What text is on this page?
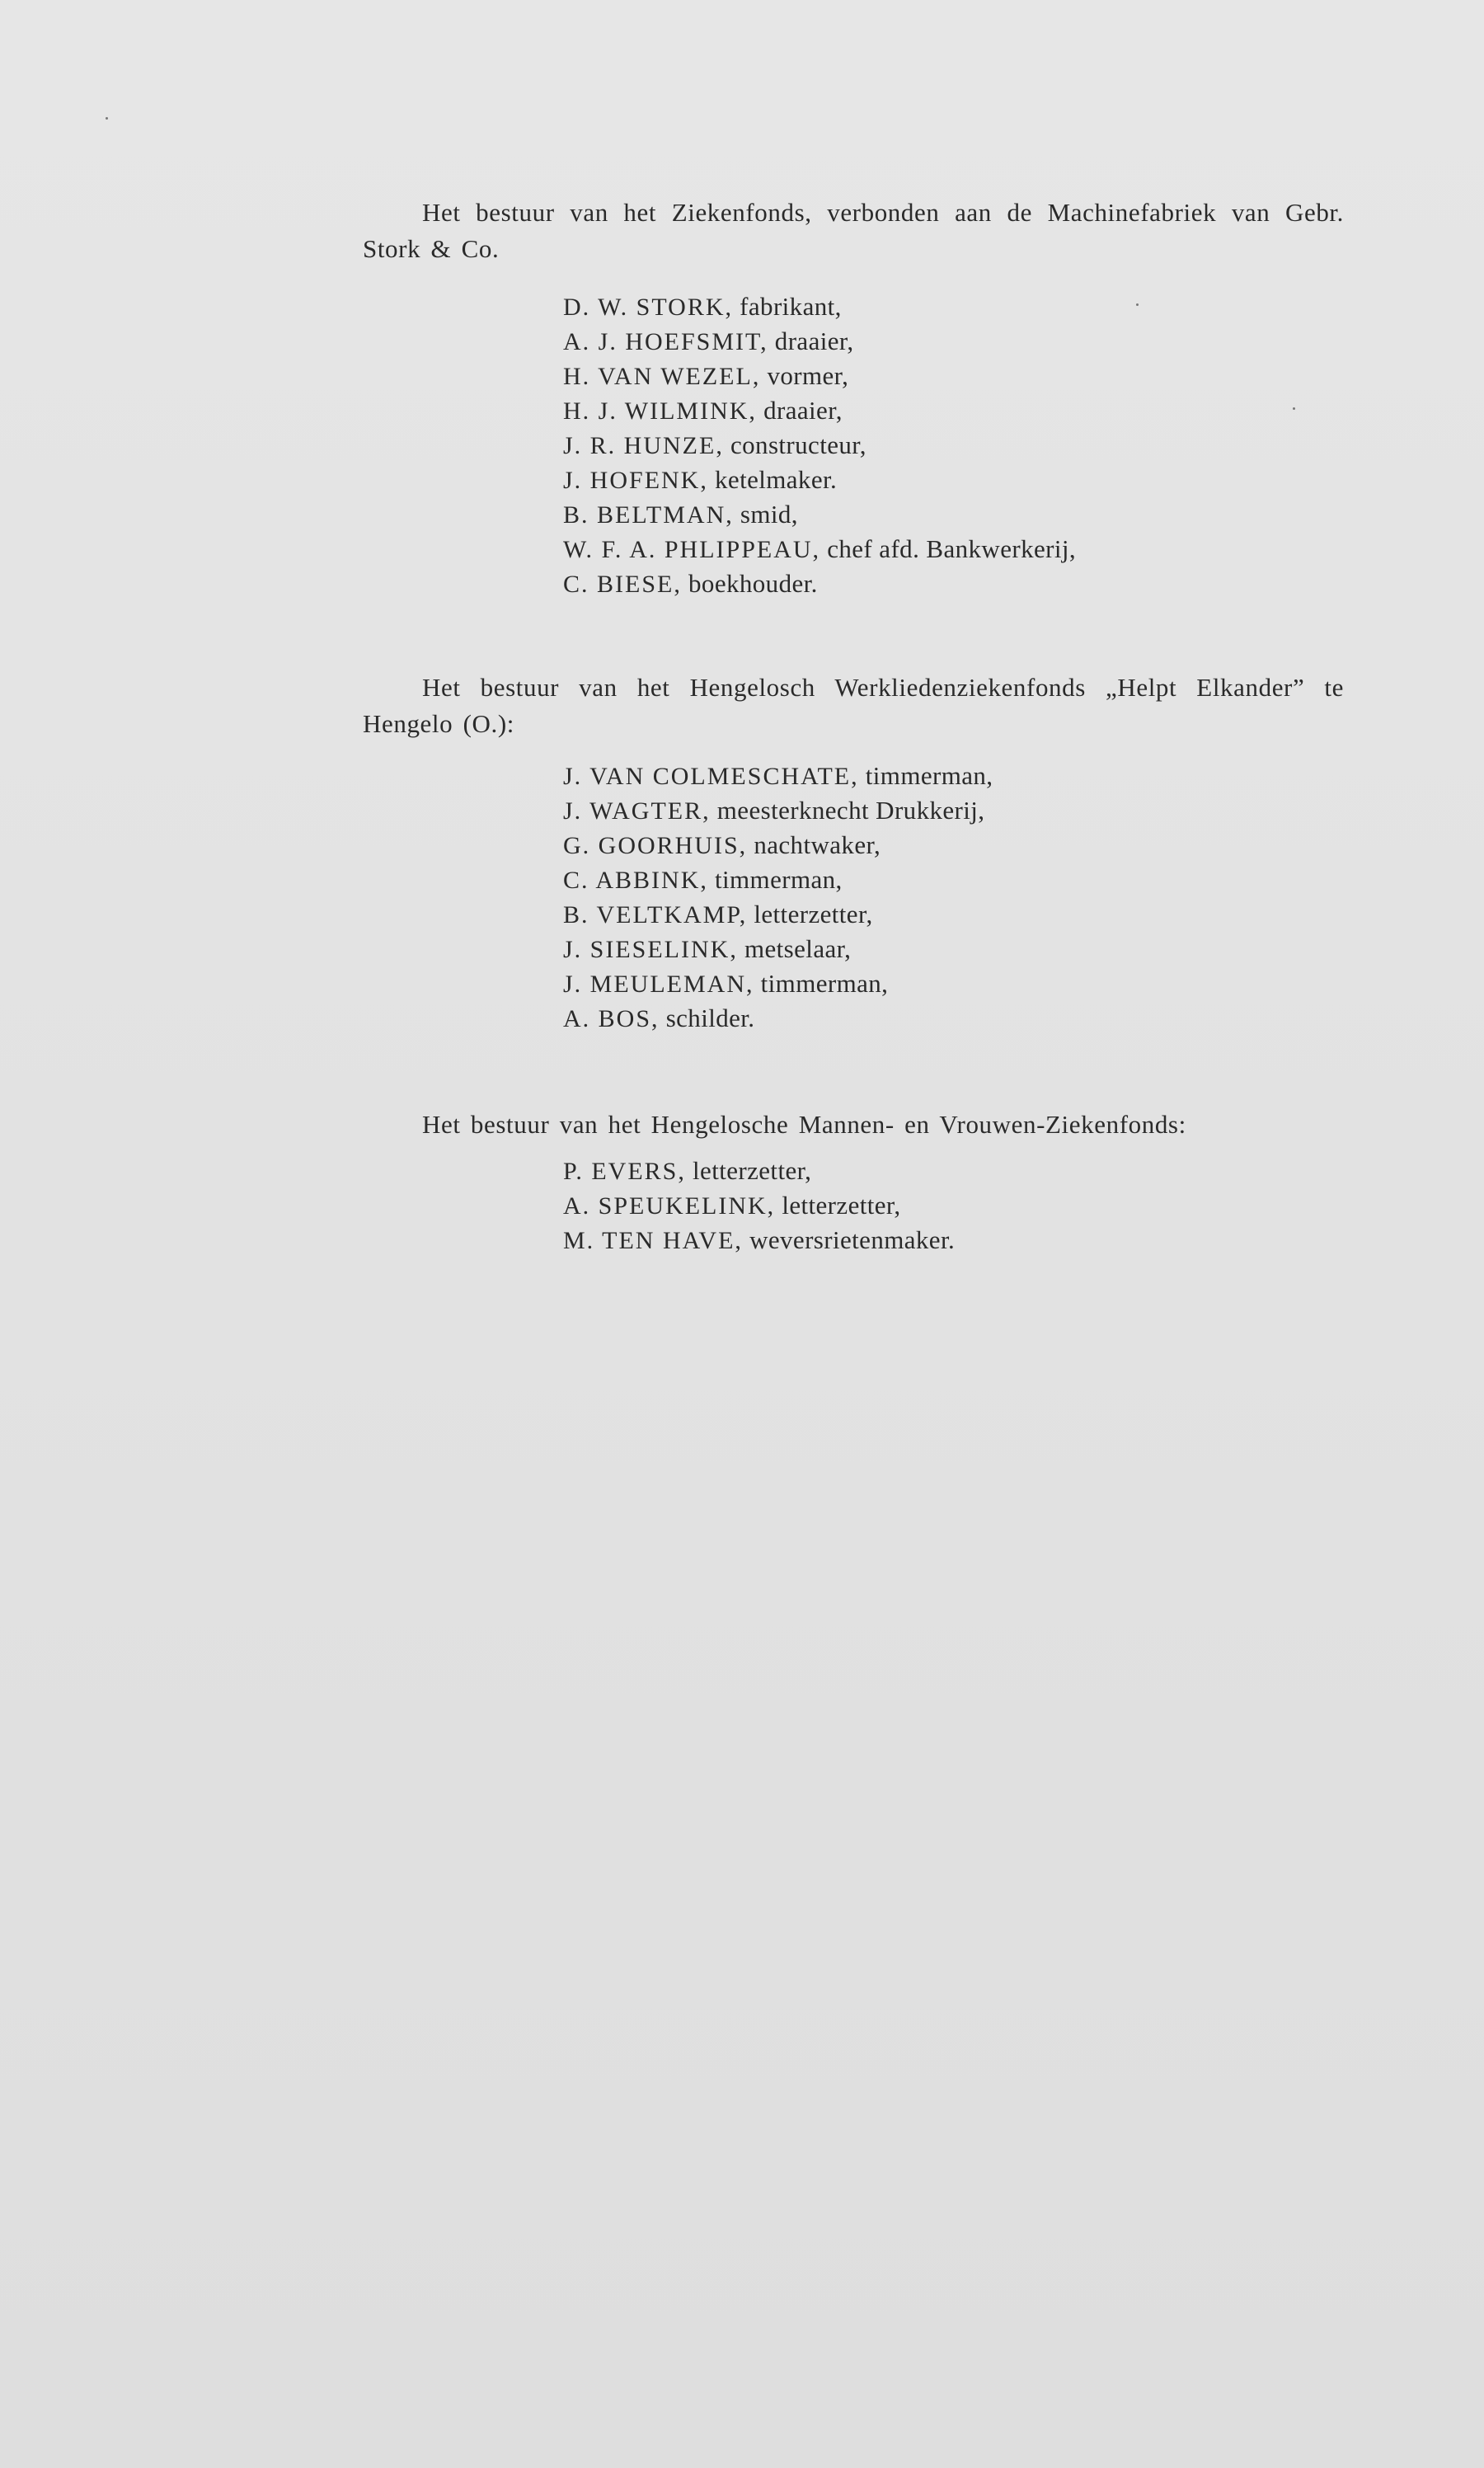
Het bestuur van het Ziekenfonds, verbonden aan de Machinefabriek van Gebr. Stork & Co.

D. W. STORK, fabrikant,
A. J. HOEFSMIT, draaier,
H. VAN WEZEL, vormer,
H. J. WILMINK, draaier,
J. R. HUNZE, constructeur,
J. HOFENK, ketelmaker.
B. BELTMAN, smid,
W. F. A. PHLIPPEAU, chef afd. Bankwerkerij,
C. BIESE, boekhouder.

Het bestuur van het Hengelosch Werkliedenziekenfonds „Helpt Elkander” te Hengelo (O.):

J. VAN COLMESCHATE, timmerman,
J. WAGTER, meesterknecht Drukkerij,
G. GOORHUIS, nachtwaker,
C. ABBINK, timmerman,
B. VELTKAMP, letterzetter,
J. SIESELINK, metselaar,
J. MEULEMAN, timmerman,
A. BOS, schilder.

Het bestuur van het Hengelosche Mannen- en Vrouwen-Ziekenfonds:

P. EVERS, letterzetter,
A. SPEUKELINK, letterzetter,
M. TEN HAVE, weversrietenmaker.
